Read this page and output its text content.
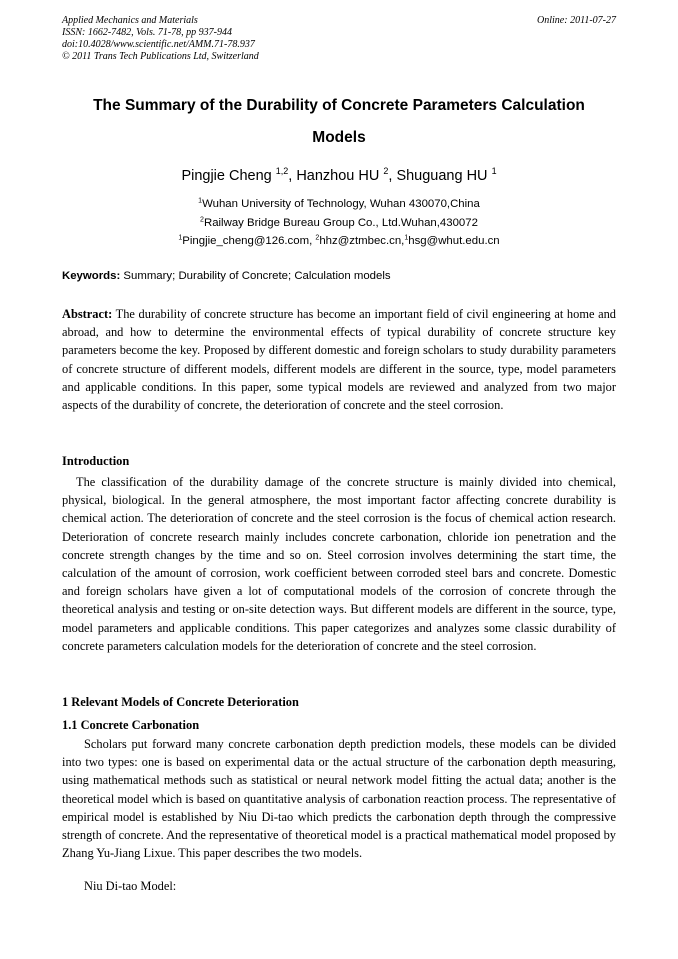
Applied Mechanics and Materials
ISSN: 1662-7482, Vols. 71-78, pp 937-944
doi:10.4028/www.scientific.net/AMM.71-78.937
© 2011 Trans Tech Publications Ltd, Switzerland
Online: 2011-07-27
The Summary of the Durability of Concrete Parameters Calculation
Models
Pingjie Cheng $^{1,2}$, Hanzhou HU $^2$, Shuguang HU $^1$
$^1$Wuhan University of Technology, Wuhan 430070,China
$^2$Railway Bridge Bureau Group Co., Ltd.Wuhan,430072
$^1$Pingjie_cheng@126.com, $^2$hhz@ztmbec.cn,$^1$hsg@whut.edu.cn
Keywords: Summary; Durability of Concrete; Calculation models
Abstract: The durability of concrete structure has become an important field of civil engineering at home and abroad, and how to determine the environmental effects of typical durability of concrete structure key parameters become the key. Proposed by different domestic and foreign scholars to study durability parameters of concrete structure of different models, different models are different in the source, type, model parameters and applicable conditions. In this paper, some typical models are reviewed and analyzed from two major aspects of the durability of concrete, the deterioration of concrete and the steel corrosion.
Introduction
The classification of the durability damage of the concrete structure is mainly divided into chemical, physical, biological. In the general atmosphere, the most important factor affecting concrete durability is chemical action. The deterioration of concrete and the steel corrosion is the focus of chemical action research. Deterioration of concrete research mainly includes concrete carbonation, chloride ion penetration and the concrete strength changes by the time and so on. Steel corrosion involves determining the start time, the calculation of the amount of corrosion, work coefficient between corroded steel bars and concrete. Domestic and foreign scholars have given a lot of computational models of the corrosion of concrete through the theoretical analysis and testing or on-site detection ways. But different models are different in the source, type, model parameters and applicable conditions. This paper categorizes and analyzes some classic durability of concrete parameters calculation models for the deterioration of concrete and the steel corrosion.
1 Relevant Models of Concrete Deterioration
1.1 Concrete Carbonation
Scholars put forward many concrete carbonation depth prediction models, these models can be divided into two types: one is based on experimental data or the actual structure of the carbonation depth measuring, using mathematical methods such as statistical or neural network model fitting the actual data; another is the theoretical model which is based on quantitative analysis of carbonation reaction process. The representative of empirical model is established by Niu Di-tao which predicts the carbonation depth through the compressive strength of concrete. And the representative of theoretical model is a practical mathematical model proposed by Zhang Yu-Jiang Lixue. This paper describes the two models.
Niu Di-tao Model:
